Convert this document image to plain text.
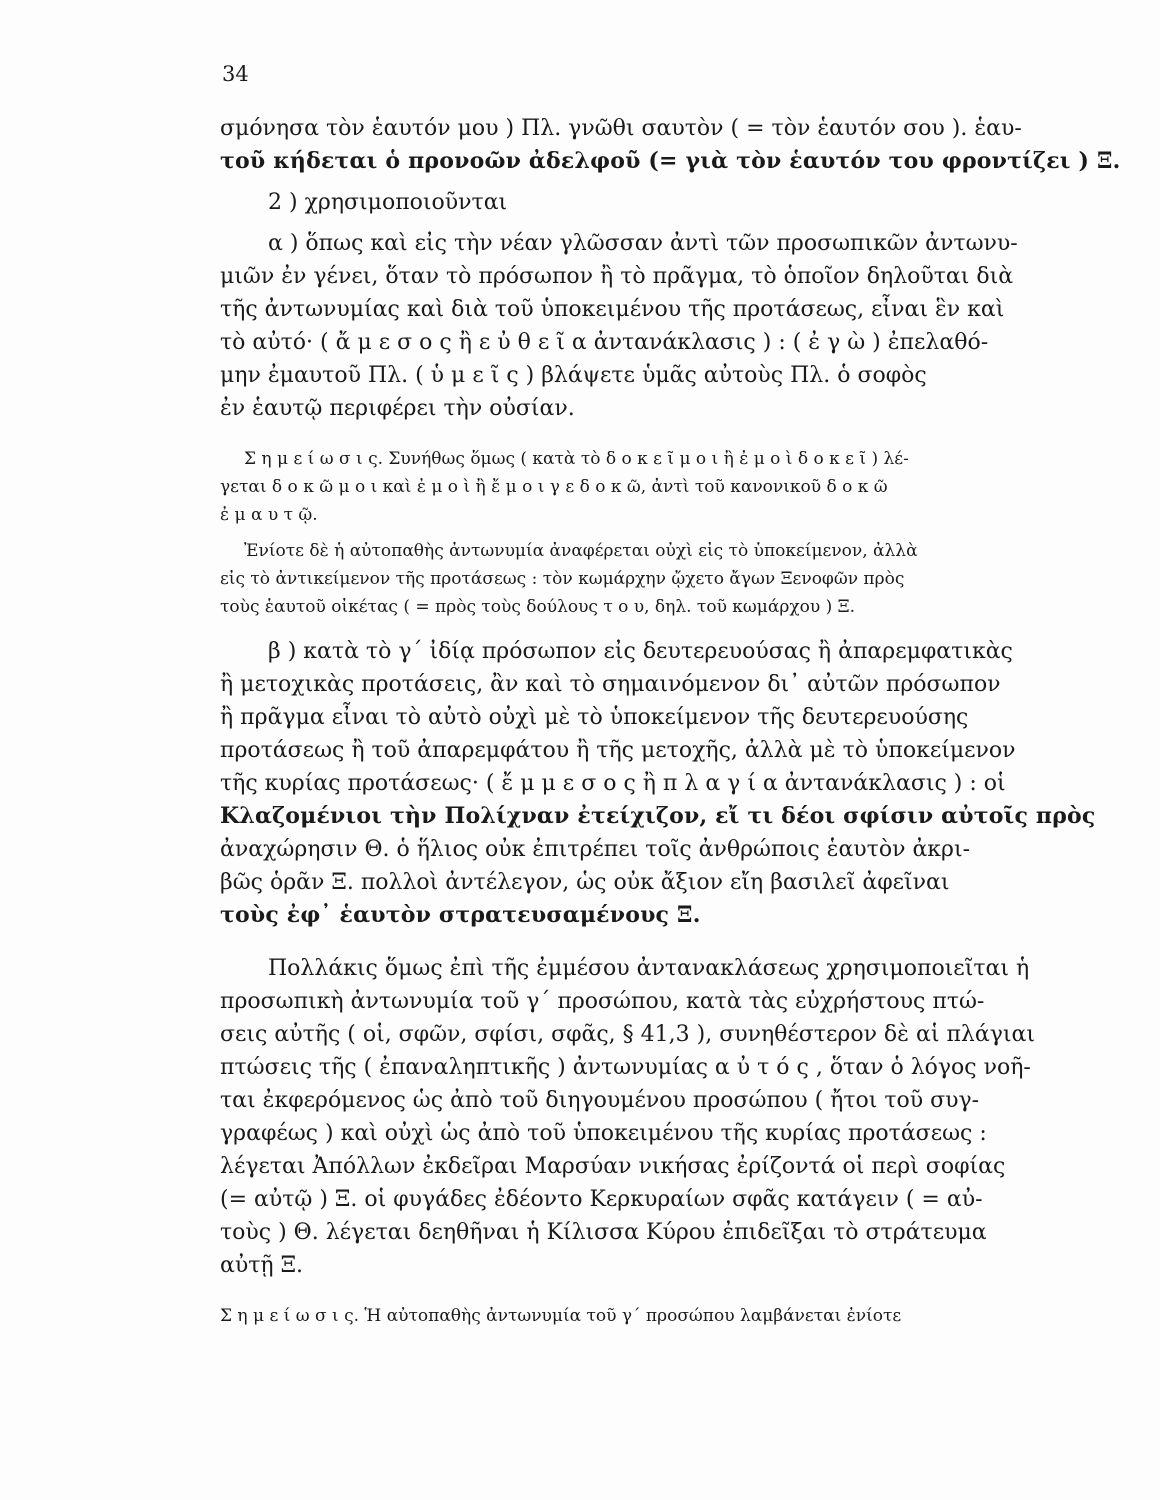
34
σμόνησα τὸν ἑαυτόν μου ) Πλ. γνῶθι σαυτὸν ( = τὸν ἑαυτόν σου ). ἑαυ-
τοῦ κήδεται ὁ προνοῶν ἀδελφοῦ (= γιὰ τὸν ἑαυτόν του φροντίζει ) Ξ.
2 ) χρησιμοποιοῦνται
α ) ὅπως καὶ εἰς τὴν νέαν γλῶσσαν ἀντὶ τῶν προσωπικῶν ἀντωνυ-
μιῶν ἐν γένει, ὅταν τὸ πρόσωπον ἢ τὸ πρᾶγμα, τὸ ὁποῖον δηλοῦται διὰ
τῆς ἀντωνυμίας καὶ διὰ τοῦ ὑποκειμένου τῆς προτάσεως, εἶναι ἓν καὶ
τὸ αὐτό· ( ἄ μ ε σ ο ς ἢ ε ὐ θ ε ῖ α ἀντανάκλασις ) : ( ἐ γ ὼ ) ἐπελαθό-
μην ἐμαυτοῦ Πλ. ( ὑ μ ε ῖ ς ) βλάψετε ὑμᾶς αὐτοὺς Πλ. ὁ σοφὸς
ἐν ἑαυτῷ περιφέρει τὴν οὐσίαν.
Σ η μ ε ί ω σ ι ς. Συνήθως ὅμως ( κατὰ τὸ δ ο κ ε ῖ μ ο ι ἢ ἐ μ ο ὶ δ ο κ ε ῖ ) λέ-
γεται δ ο κ ῶ μ ο ι καὶ ἐ μ ο ὶ ἢ ἔ μ ο ι γ ε δ ο κ ῶ, ἀντὶ τοῦ κανονικοῦ δ ο κ ῶ
ἐ μ α υ τ ῷ.
Ἐνίοτε δὲ ἡ αὐτοπαθὴς ἀντωνυμία ἀναφέρεται οὐχὶ εἰς τὸ ὑποκείμενον, ἀλλὰ
εἰς τὸ ἀντικείμενον τῆς προτάσεως : τὸν κωμάρχην ᾤχετο ἄγων Ξενοφῶν πρὸς
τοὺς ἑαυτοῦ οἰκέτας ( = πρὸς τοὺς δούλους τ ο υ, δηλ. τοῦ κωμάρχου ) Ξ.
β ) κατὰ τὸ γ΄ ἰδίᾳ πρόσωπον εἰς δευτερευούσας ἢ ἀπαρεμφατικὰς
ἢ μετοχικὰς προτάσεις, ἂν καὶ τὸ σημαινόμενον δι᾽ αὐτῶν πρόσωπον
ἢ πρᾶγμα εἶναι τὸ αὐτὸ οὐχὶ μὲ τὸ ὑποκείμενον τῆς δευτερευούσης
προτάσεως ἢ τοῦ ἀπαρεμφάτου ἢ τῆς μετοχῆς, ἀλλὰ μὲ τὸ ὑποκείμενον
τῆς κυρίας προτάσεως· ( ἔ μ μ ε σ ο ς ἢ π λ α γ ί α ἀντανάκλασις ) : οἱ
Κλαζομένιοι τὴν Πολίχναν ἐτείχιζον, εἴ τι δέοι σφίσιν αὐτοῖς πρὸς
ἀναχώρησιν Θ. ὁ ἥλιος οὐκ ἐπιτρέπει τοῖς ἀνθρώποις ἑαυτὸν ἀκρι-
βῶς ὁρᾶν Ξ. πολλοὶ ἀντέλεγον, ὡς οὐκ ἄξιον εἴη βασιλεῖ ἀφεῖναι
τοὺς ἐφ᾽ ἑαυτὸν στρατευσαμένους Ξ.
Πολλάκις ὅμως ἐπὶ τῆς ἐμμέσου ἀντανακλάσεως χρησιμοποιεῖται ἡ
προσωπικὴ ἀντωνυμία τοῦ γ΄ προσώπου, κατὰ τὰς εὐχρήστους πτώ-
σεις αὐτῆς ( οἱ, σφῶν, σφίσι, σφᾶς, § 41,3 ), συνηθέστερον δὲ αἱ πλάγιαι
πτώσεις τῆς ( ἐπαναληπτικῆς ) ἀντωνυμίας α ὐ τ ό ς , ὅταν ὁ λόγος νοῆ-
ται ἐκφερόμενος ὡς ἀπὸ τοῦ διηγουμένου προσώπου ( ἤτοι τοῦ συγ-
γραφέως ) καὶ οὐχὶ ὡς ἀπὸ τοῦ ὑποκειμένου τῆς κυρίας προτάσεως :
λέγεται Ἀπόλλων ἐκδεῖραι Μαρσύαν νικήσας ἐρίζοντά οἱ περὶ σοφίας
(= αὐτῷ ) Ξ. οἱ φυγάδες ἐδέοντο Κερκυραίων σφᾶς κατάγειν ( = αὐ-
τοὺς ) Θ. λέγεται δεηθῆναι ἡ Κίλισσα Κύρου ἐπιδεῖξαι τὸ στράτευμα
αὐτῇ Ξ.
Σ η μ ε ί ω σ ι ς. Ἡ αὐτοπαθὴς ἀντωνυμία τοῦ γ΄ προσώπου λαμβάνεται ἐνίοτε
